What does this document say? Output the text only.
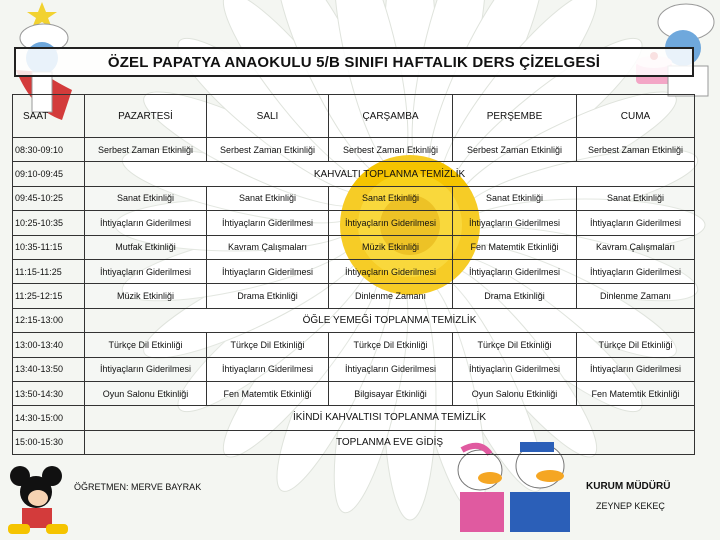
ÖZEL PAPATYA ANAOKULU 5/B SINIFI HAFTALIK DERS ÇİZELGESİ
SAAT	PAZARTESİ	SALI	ÇARŞAMBA	PERŞEMBE	CUMA
08:30-09:10	Serbest Zaman Etkinliği	Serbest Zaman Etkinliği	Serbest Zaman Etkinliği	Serbest Zaman Etkinliği	Serbest Zaman Etkinliği
09:10-09:45	KAHVALTI TOPLANMA TEMİZLİK				
09:45-10:25	Sanat Etkinliği	Sanat Etkinliği	Sanat Etkinliği	Sanat Etkinliği	Sanat Etkinliği
10:25-10:35	İhtiyaçların Giderilmesi	İhtiyaçların Giderilmesi	İhtiyaçların Giderilmesi	İhtiyaçların Giderilmesi	İhtiyaçların Giderilmesi
10:35-11:15	Mutfak Etkinliği	Kavram Çalışmaları	Müzik Etkinliği	Fen Matemtik Etkinliği	Kavram Çalışmaları
11:15-11:25	İhtiyaçların Giderilmesi	İhtiyaçların Giderilmesi	İhtiyaçların Giderilmesi	İhtiyaçların Giderilmesi	İhtiyaçların Giderilmesi
11:25-12:15	Müzik Etkinliği	Drama Etkinliği	Dinlenme Zamanı	Drama Etkinliği	Dinlenme Zamanı
12:15-13:00	ÖĞLE YEMEĞİ TOPLANMA TEMİZLİK				
13:00-13:40	Türkçe Dil Etkinliği	Türkçe Dil Etkinliği	Türkçe Dil Etkinliği	Türkçe Dil Etkinliği	Türkçe Dil Etkinliği
13:40-13:50	İhtiyaçların Giderilmesi	İhtiyaçların Giderilmesi	İhtiyaçların Giderilmesi	İhtiyaçların Giderilmesi	İhtiyaçların Giderilmesi
13:50-14:30	Oyun Salonu Etkinliği	Fen Matemtik Etkinliği	Bilgisayar Etkinliği	Oyun Salonu Etkinliği	Fen Matemtik Etkinliği
14:30-15:00	İKİNDİ KAHVALTISI TOPLANMA TEMİZLİK				
15:00-15:30	TOPLANMA EVE GİDİŞ				
ÖĞRETMEN: MERVE BAYRAK	KURUM MÜDÜRÜ
ZEYNEP KEKEÇ
